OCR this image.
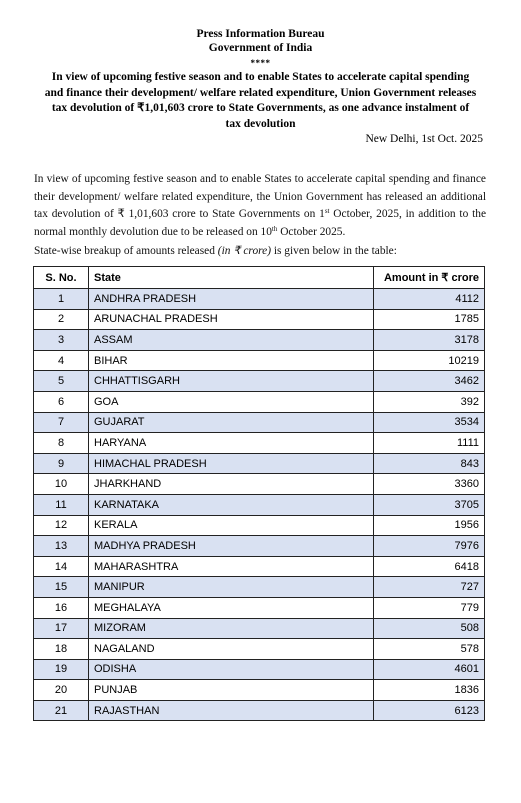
Press Information Bureau
Government of India
****
In view of upcoming festive season and to enable States to accelerate capital spending
and finance their development/ welfare related expenditure, Union Government releases
tax devolution of ₹1,01,603 crore to State Governments, as one advance instalment of
tax devolution
New Delhi, 1st Oct. 2025
In view of upcoming festive season and to enable States to accelerate capital spending and finance their development/ welfare related expenditure, the Union Government has released an additional tax devolution of ₹ 1,01,603 crore to State Governments on 1st October, 2025, in addition to the normal monthly devolution due to be released on 10th October 2025.
State-wise breakup of amounts released (in ₹ crore) is given below in the table:
S. No.	State	Amount in ₹ crore
1	ANDHRA PRADESH	4112
2	ARUNACHAL PRADESH	1785
3	ASSAM	3178
4	BIHAR	10219
5	CHHATTISGARH	3462
6	GOA	392
7	GUJARAT	3534
8	HARYANA	1111
9	HIMACHAL PRADESH	843
10	JHARKHAND	3360
11	KARNATAKA	3705
12	KERALA	1956
13	MADHYA PRADESH	7976
14	MAHARASHTRA	6418
15	MANIPUR	727
16	MEGHALAYA	779
17	MIZORAM	508
18	NAGALAND	578
19	ODISHA	4601
20	PUNJAB	1836
21	RAJASTHAN	6123
